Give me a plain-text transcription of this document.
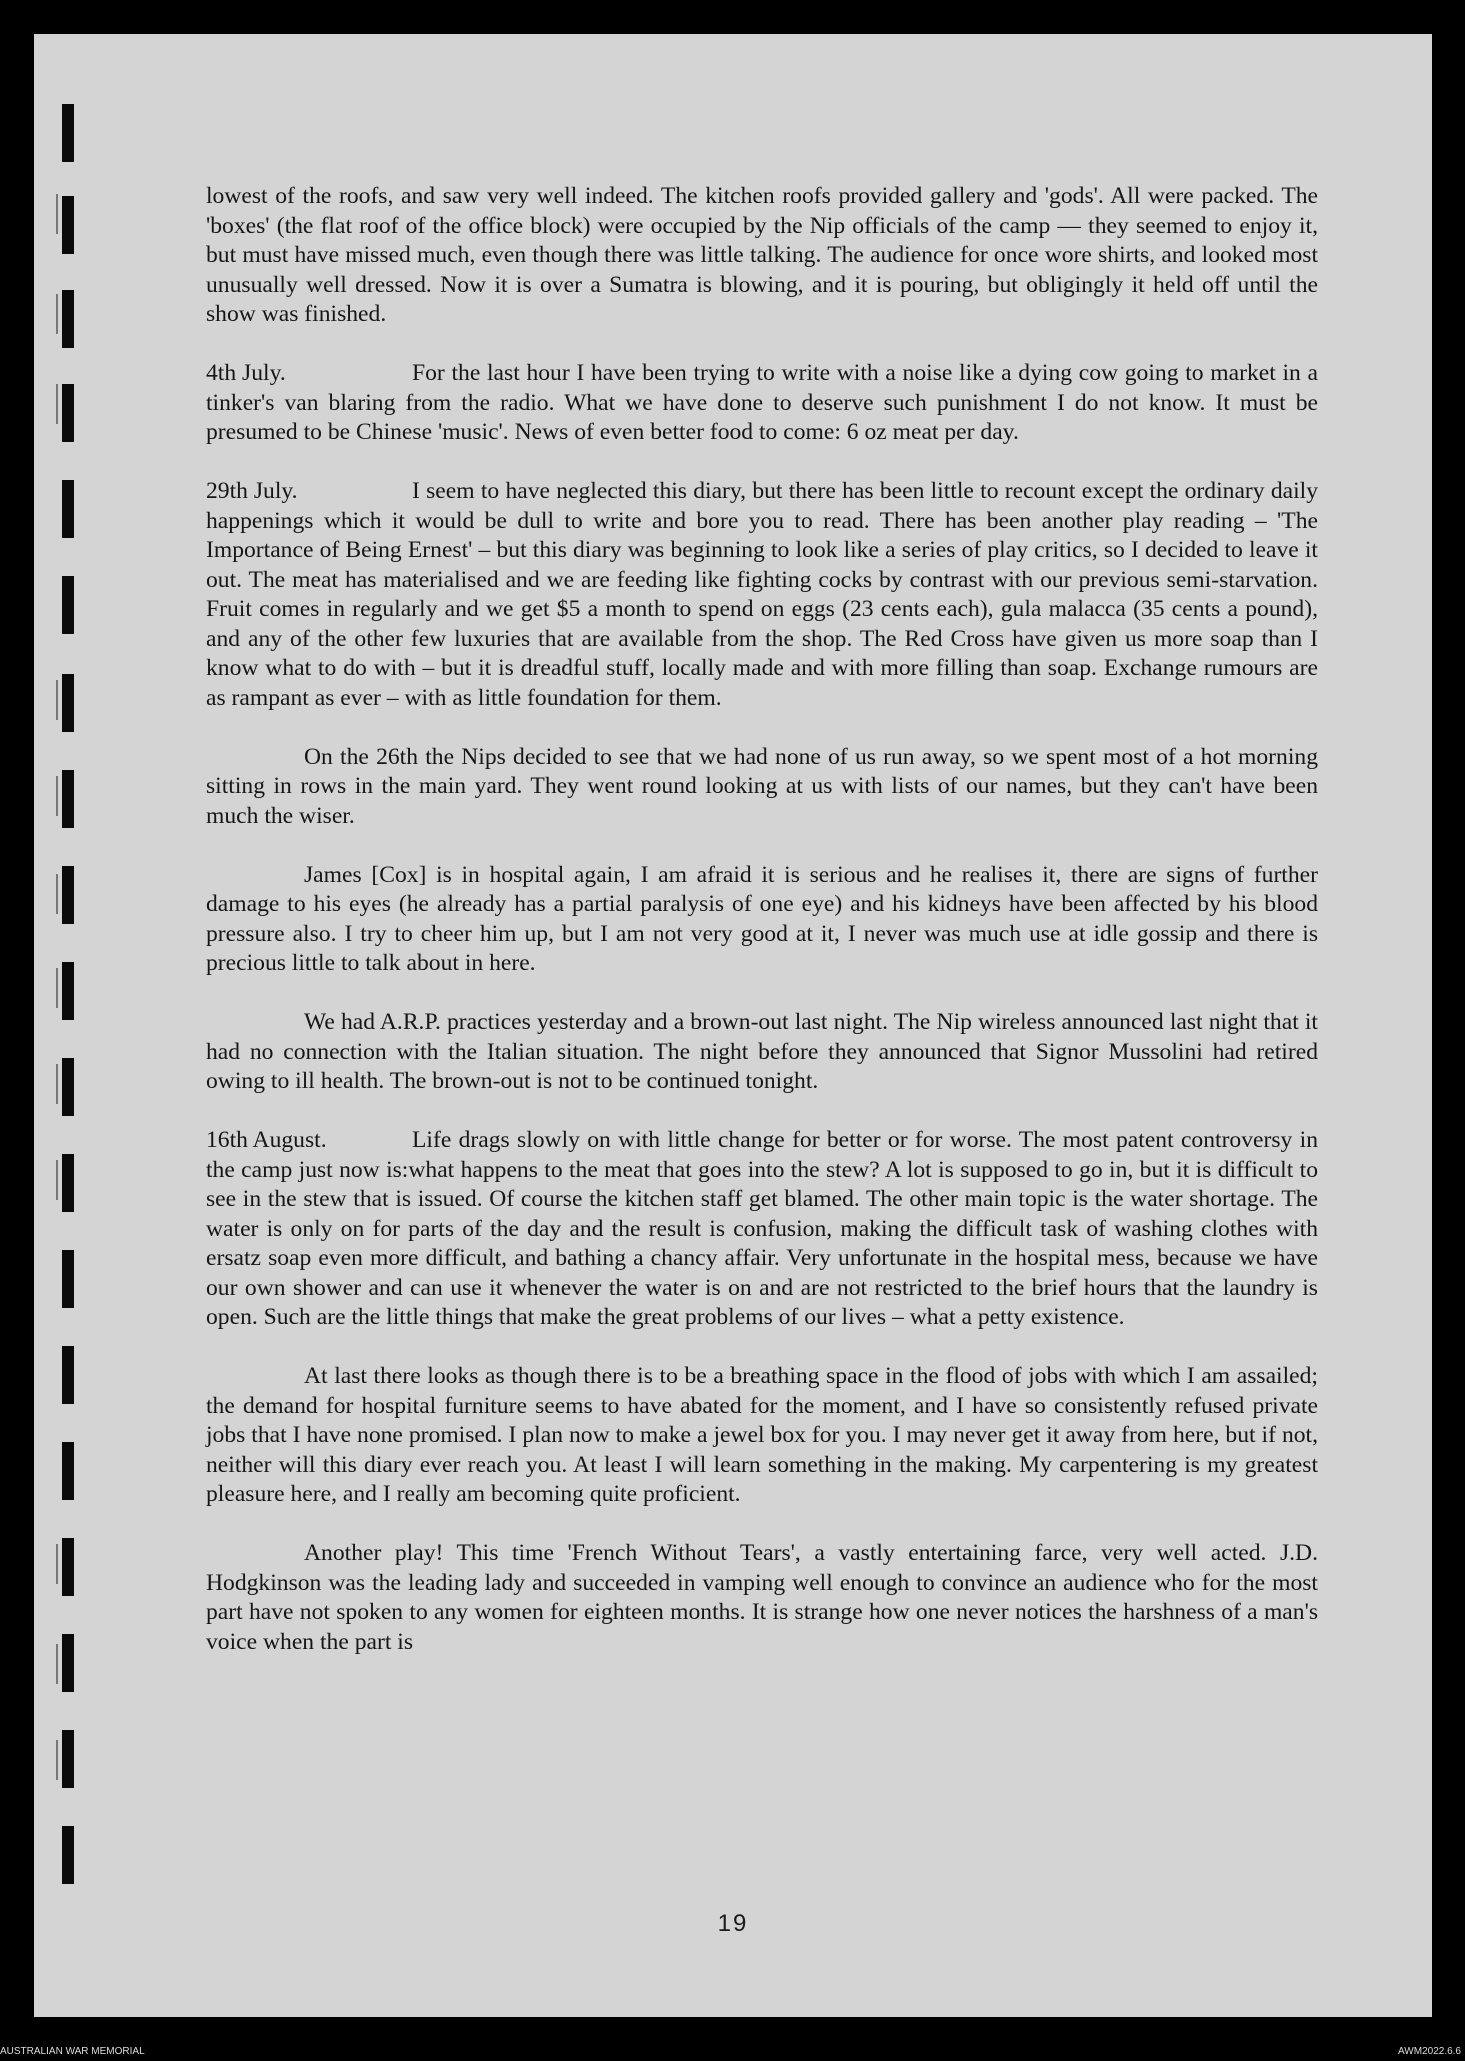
lowest of the roofs, and saw very well indeed. The kitchen roofs provided gallery and 'gods'. All were packed. The 'boxes' (the flat roof of the office block) were occupied by the Nip officials of the camp — they seemed to enjoy it, but must have missed much, even though there was little talking. The audience for once wore shirts, and looked most unusually well dressed. Now it is over a Sumatra is blowing, and it is pouring, but obligingly it held off until the show was finished.

4th July.	For the last hour I have been trying to write with a noise like a dying cow going to market in a tinker's van blaring from the radio. What we have done to deserve such punishment I do not know. It must be presumed to be Chinese 'music'. News of even better food to come: 6 oz meat per day.

29th July.	I seem to have neglected this diary, but there has been little to recount except the ordinary daily happenings which it would be dull to write and bore you to read. There has been another play reading – 'The Importance of Being Ernest' – but this diary was beginning to look like a series of play critics, so I decided to leave it out. The meat has materialised and we are feeding like fighting cocks by contrast with our previous semi-starvation. Fruit comes in regularly and we get $5 a month to spend on eggs (23 cents each), gula malacca (35 cents a pound), and any of the other few luxuries that are available from the shop. The Red Cross have given us more soap than I know what to do with – but it is dreadful stuff, locally made and with more filling than soap. Exchange rumours are as rampant as ever – with as little foundation for them.

On the 26th the Nips decided to see that we had none of us run away, so we spent most of a hot morning sitting in rows in the main yard. They went round looking at us with lists of our names, but they can't have been much the wiser.

James [Cox] is in hospital again, I am afraid it is serious and he realises it, there are signs of further damage to his eyes (he already has a partial paralysis of one eye) and his kidneys have been affected by his blood pressure also. I try to cheer him up, but I am not very good at it, I never was much use at idle gossip and there is precious little to talk about in here.

We had A.R.P. practices yesterday and a brown-out last night. The Nip wireless announced last night that it had no connection with the Italian situation. The night before they announced that Signor Mussolini had retired owing to ill health. The brown-out is not to be continued tonight.

16th August.	Life drags slowly on with little change for better or for worse. The most patent controversy in the camp just now is:what happens to the meat that goes into the stew? A lot is supposed to go in, but it is difficult to see in the stew that is issued. Of course the kitchen staff get blamed. The other main topic is the water shortage. The water is only on for parts of the day and the result is confusion, making the difficult task of washing clothes with ersatz soap even more difficult, and bathing a chancy affair. Very unfortunate in the hospital mess, because we have our own shower and can use it whenever the water is on and are not restricted to the brief hours that the laundry is open. Such are the little things that make the great problems of our lives – what a petty existence.

At last there looks as though there is to be a breathing space in the flood of jobs with which I am assailed; the demand for hospital furniture seems to have abated for the moment, and I have so consistently refused private jobs that I have none promised. I plan now to make a jewel box for you. I may never get it away from here, but if not, neither will this diary ever reach you. At least I will learn something in the making. My carpentering is my greatest pleasure here, and I really am becoming quite proficient.

Another play! This time 'French Without Tears', a vastly entertaining farce, very well acted. J.D. Hodgkinson was the leading lady and succeeded in vamping well enough to convince an audience who for the most part have not spoken to any women for eighteen months. It is strange how one never notices the harshness of a man's voice when the part is

19
AUSTRALIAN WAR MEMORIAL	AWM2022.6.6
